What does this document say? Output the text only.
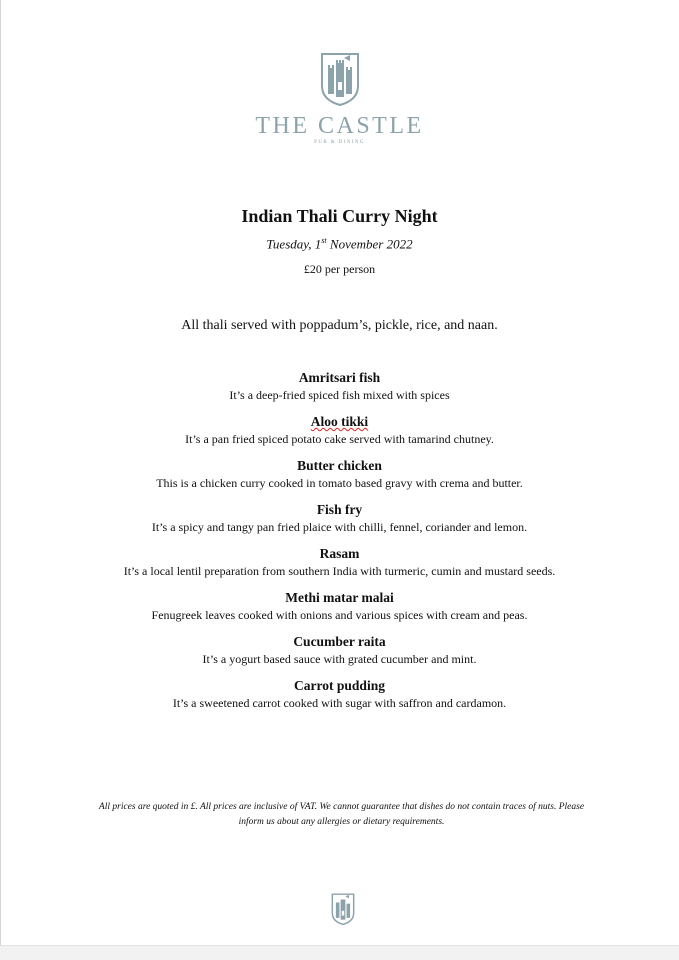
THE CASTLE
PUB & DINING
Indian Thali Curry Night
Tuesday, 1st November 2022
£20 per person
All thali served with poppadum’s, pickle, rice, and naan.
Amritsari fish
It’s a deep-fried spiced fish mixed with spices
Aloo tikki
It’s a pan fried spiced potato cake served with tamarind chutney.
Butter chicken
This is a chicken curry cooked in tomato based gravy with crema and butter.
Fish fry
It’s a spicy and tangy pan fried plaice with chilli, fennel, coriander and lemon.
Rasam
It’s a local lentil preparation from southern India with turmeric, cumin and mustard seeds.
Methi matar malai
Fenugreek leaves cooked with onions and various spices with cream and peas.
Cucumber raita
It’s a yogurt based sauce with grated cucumber and mint.
Carrot pudding
It’s a sweetened carrot cooked with sugar with saffron and cardamon.
All prices are quoted in £. All prices are inclusive of VAT. We cannot guarantee that dishes do not contain traces of nuts. Please inform us about any allergies or dietary requirements.
